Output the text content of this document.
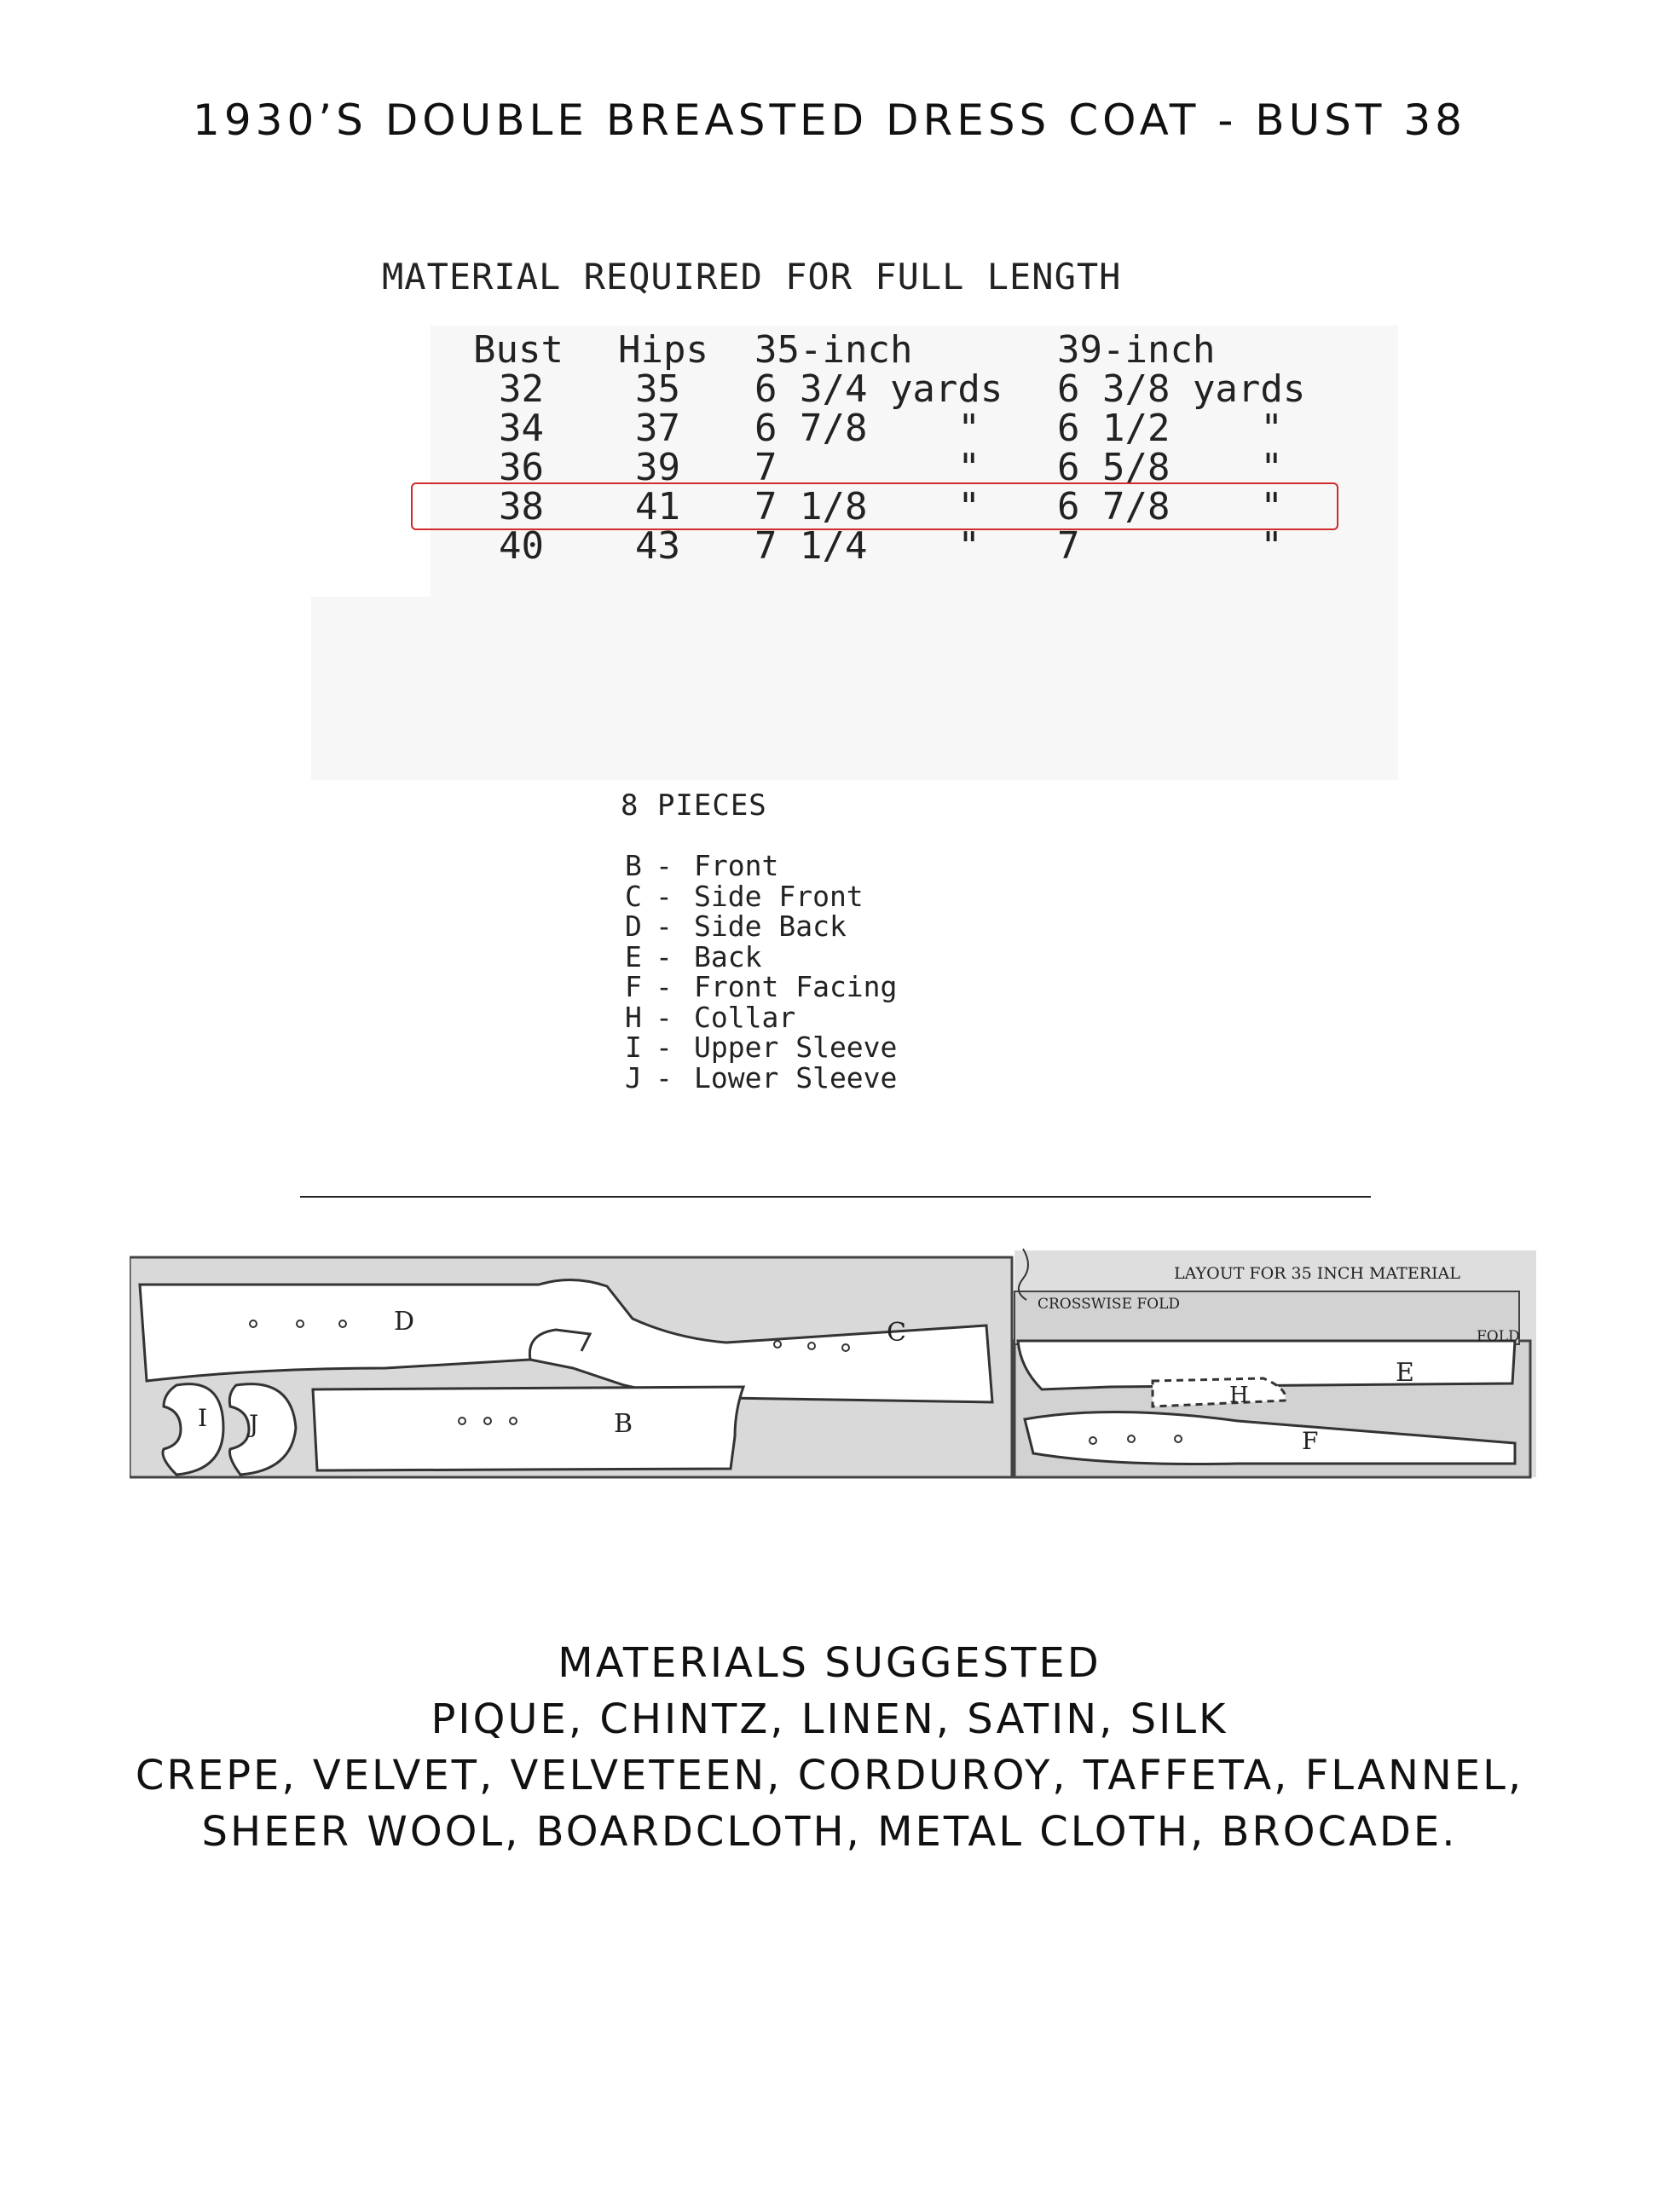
1930’S DOUBLE BREASTED DRESS COAT - BUST 38
MATERIAL REQUIRED FOR FULL LENGTH
Bust Hips 35-inch	39-inch
32 35 6 3/4 yards 6 3/8 yards
34 37 6 7/8    " 6 1/2    "
36 39 7        " 6 5/8    "
38 41 7 1/8    " 6 7/8    "
40 43 7 1/4    " 7        "
8 PIECES
B - Front
C - Side Front
D - Side Back
E - Back
F - Front Facing
H - Collar
I - Upper Sleeve
J - Lower Sleeve
D	C
B
I J
E
H
F
LAYOUT FOR 35 INCH MATERIAL
CROSSWISE FOLD
FOLD
MATERIALS SUGGESTED
PIQUE, CHINTZ, LINEN, SATIN, SILK
CREPE, VELVET, VELVETEEN, CORDUROY, TAFFETA, FLANNEL,
SHEER WOOL, BOARDCLOTH, METAL CLOTH, BROCADE.
